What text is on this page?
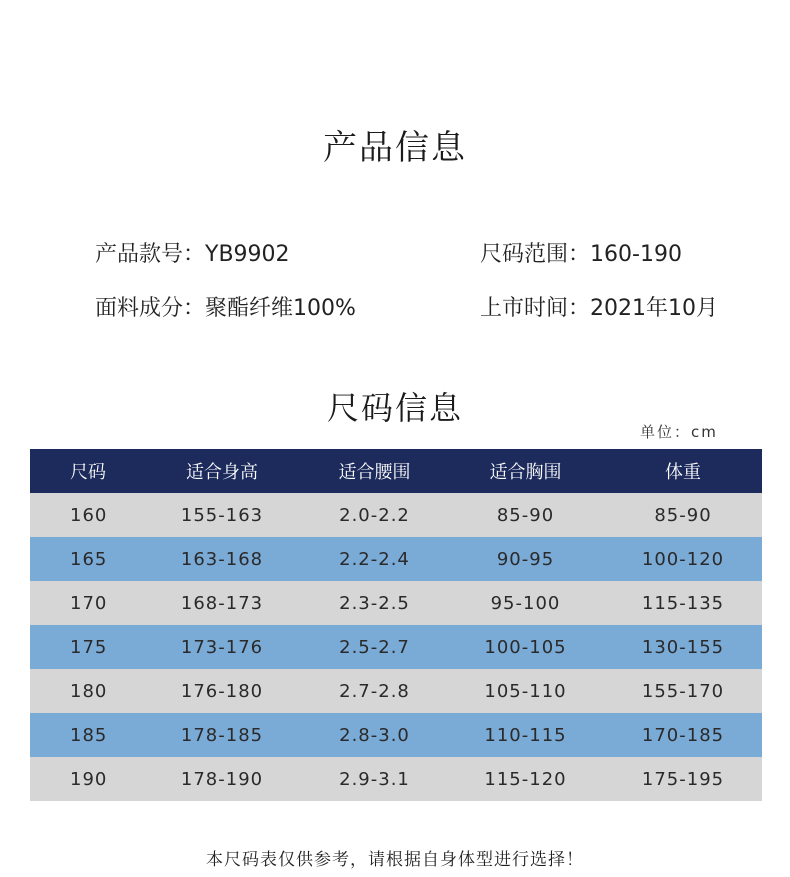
产品信息
产品款号：YB9902	尺码范围：160-190
面料成分：聚酯纤维100%	上市时间：2021年10月
尺码信息
单位：cm
尺码	适合身高	适合腰围	适合胸围	体重
160	155-163	2.0-2.2	85-90	85-90
165	163-168	2.2-2.4	90-95	100-120
170	168-173	2.3-2.5	95-100	115-135
175	173-176	2.5-2.7	100-105	130-155
180	176-180	2.7-2.8	105-110	155-170
185	178-185	2.8-3.0	110-115	170-185
190	178-190	2.9-3.1	115-120	175-195
本尺码表仅供参考，请根据自身体型进行选择！
